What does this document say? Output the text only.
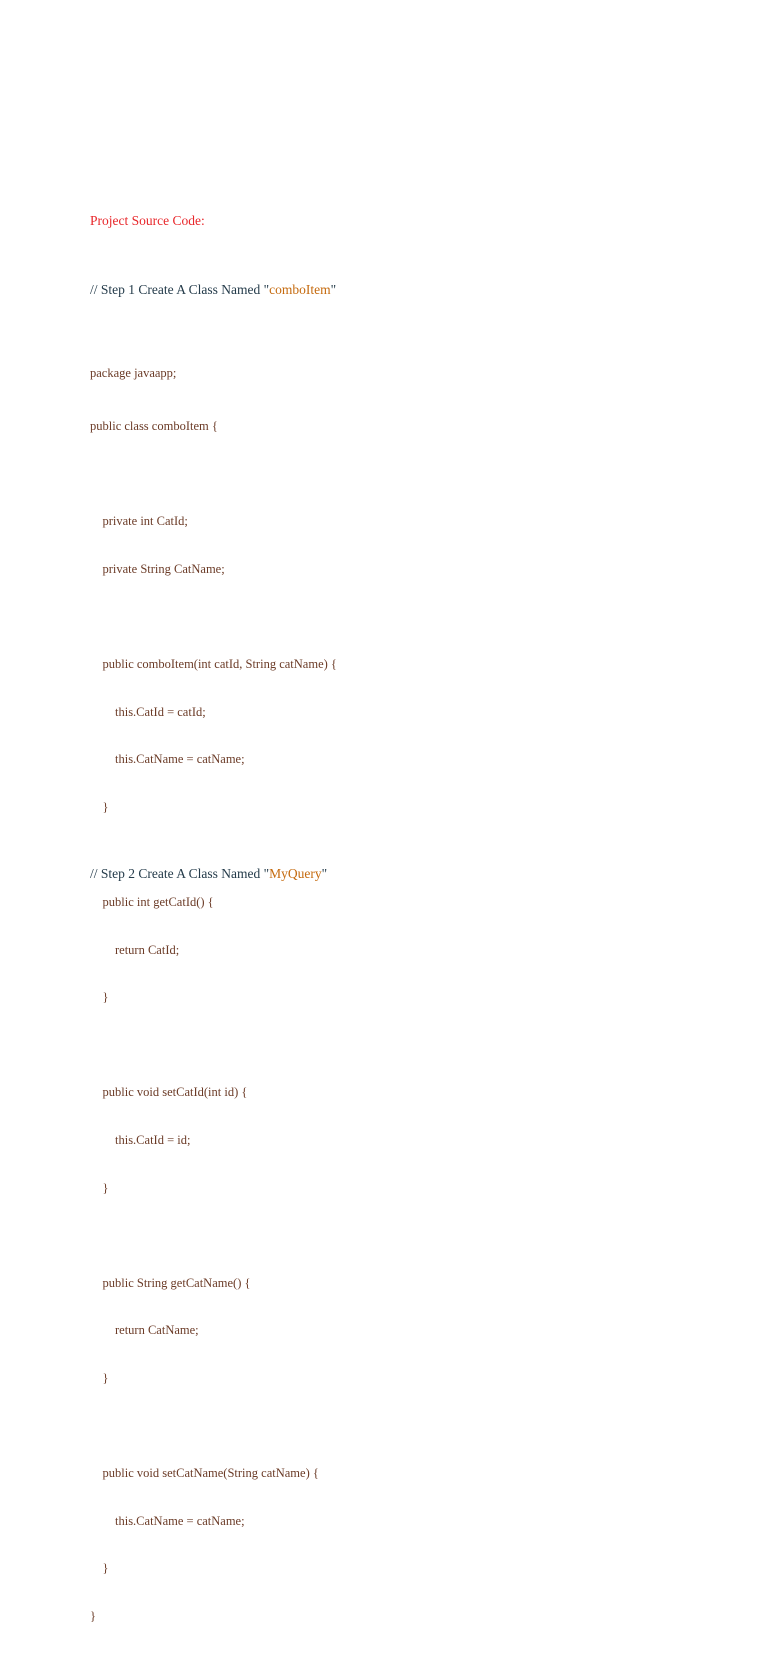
Project Source Code:
// Step 1 Create A Class Named "comboItem"

package javaapp;

public class comboItem {

private int CatId;

private String CatName;

public comboItem(int catId, String catName) {

this.CatId = catId;

this.CatName = catName;

}

public int getCatId() {

return CatId;

}

public void setCatId(int id) {

this.CatId = id;

}

public String getCatName() {

return CatName;

}

public void setCatName(String catName) {

this.CatName = catName;

}

}

// Step 2 Create A Class Named "MyQuery"
